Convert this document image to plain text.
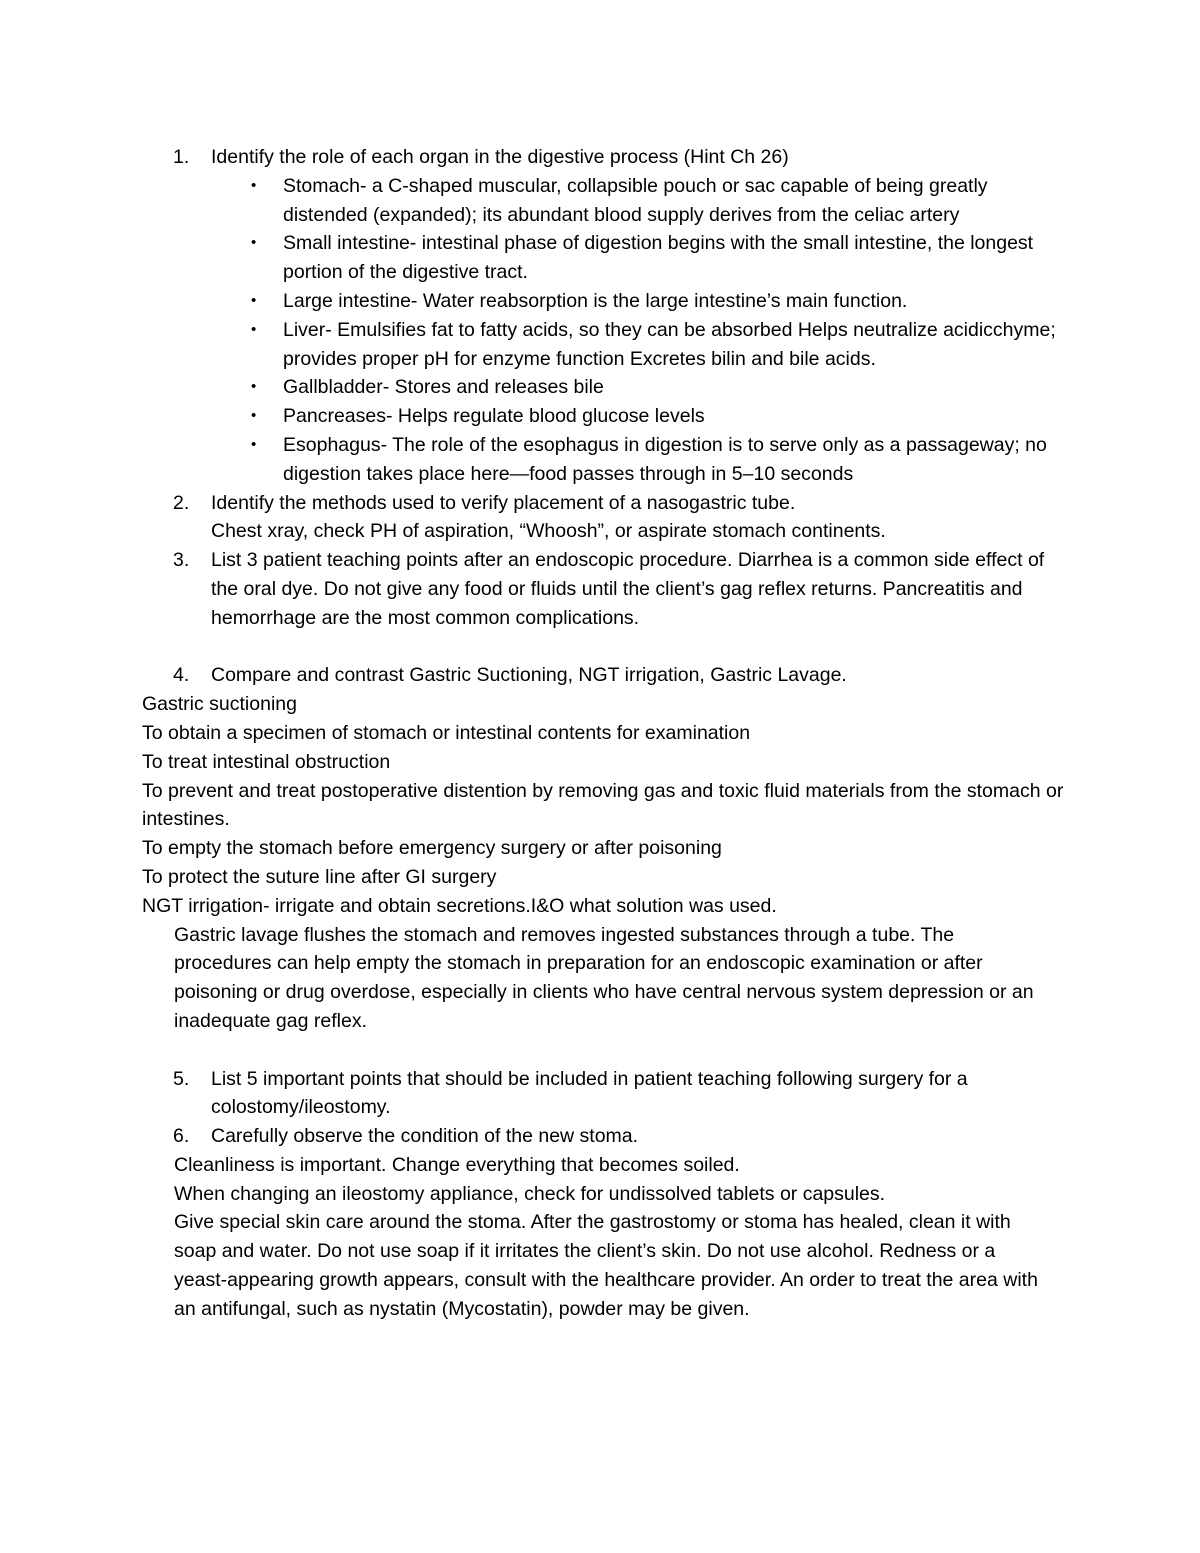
1.	Identify the role of each organ in the digestive process (Hint Ch 26)
•	Stomach- a C-shaped muscular, collapsible pouch or sac capable of being greatly distended (expanded); its abundant blood supply derives from the celiac artery
•	Small intestine- intestinal phase of digestion begins with the small intestine, the longest portion of the digestive tract.
•	Large intestine- Water reabsorption is the large intestine’s main function.
•	Liver- Emulsifies fat to fatty acids, so they can be absorbed Helps neutralize acidicchyme; provides proper pH for enzyme function Excretes bilin and bile acids.
•	Gallbladder- Stores and releases bile
•	Pancreases- Helps regulate blood glucose levels
•	Esophagus- The role of the esophagus in digestion is to serve only as a passageway; no digestion takes place here—food passes through in 5–10 seconds
2.	Identify the methods used to verify placement of a nasogastric tube.

Chest xray, check PH of aspiration, “Whoosh”, or aspirate stomach continents.

3.	List 3 patient teaching points after an endoscopic procedure. Diarrhea is a common side effect of the oral dye. Do not give any food or fluids until the client’s gag reflex returns. Pancreatitis and hemorrhage are the most common complications.
4.	Compare and contrast Gastric Suctioning, NGT irrigation, Gastric Lavage.

Gastric suctioning

To obtain a specimen of stomach or intestinal contents for examination

To treat intestinal obstruction

To prevent and treat postoperative distention by removing gas and toxic fluid materials from the stomach or intestines.

To empty the stomach before emergency surgery or after poisoning

To protect the suture line after GI surgery

NGT irrigation- irrigate and obtain secretions.I&O what solution was used.

Gastric lavage flushes the stomach and removes ingested substances through a tube. The procedures can help empty the stomach in preparation for an endoscopic examination or after poisoning or drug overdose, especially in clients who have central nervous system depression or an inadequate gag reflex.

5.	List 5 important points that should be included in patient teaching following surgery for a colostomy/ileostomy.
6.	Carefully observe the condition of the new stoma.

Cleanliness is important. Change everything that becomes soiled.

When changing an ileostomy appliance, check for undissolved tablets or capsules.

Give special skin care around the stoma. After the gastrostomy or stoma has healed, clean it with soap and water. Do not use soap if it irritates the client’s skin. Do not use alcohol. Redness or a yeast-appearing growth appears, consult with the healthcare provider. An order to treat the area with an antifungal, such as nystatin (Mycostatin), powder may be given.
